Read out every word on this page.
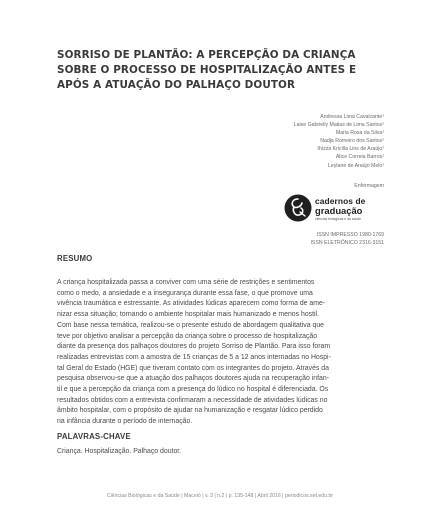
SORRISO DE PLANTÃO: A PERCEPÇÃO DA CRIANÇA
SOBRE O PROCESSO DE HOSPITALIZAÇÃO ANTES E
APÓS A ATUAÇÃO DO PALHAÇO DOUTOR
Andressa Lima Cavalcante¹
Laise Gabrielly Matias de Lima Santos¹
Maria Rosa da Silva¹
Nadja Romeiro dos Santos¹
Ihízza Kricilla Lins de Araújo¹
Alice Correia Barros¹
Leylane de Araújo Melo¹
Enfermagem
cadernos de
graduação
ciências biológicas e da saúde
ISSN IMPRESSO 1980-1769
ISSN ELETRÔNICO 2316-3151
RESUMO

A criança hospitalizada passa a conviver com uma série de restrições e sentimentos
como o medo, a ansiedade e a insegurança durante essa fase, o que promove uma
vivência traumática e estressante. As atividades lúdicas aparecem como forma de ame-
nizar essa situação; tornando o ambiente hospitalar mais humanizado e menos hostil.
Com base nessa temática, realizou-se o presente estudo de abordagem qualitativa que
teve por objetivo analisar a percepção da criança sobre o processo de hospitalização
diante da presença dos palhaços doutores do projeto Sorriso de Plantão. Para isso foram
realizadas entrevistas com a amostra de 15 crianças de 5 a 12 anos internadas no Hospi-
tal Geral do Estado (HGE) que tiveram contato com os integrantes do projeto. Através da
pesquisa observou-se que a atuação dos palhaços doutores ajuda na recuperação infan-
til e que a percepção da criança com a presença do lúdico no hospital é diferenciada. Os
resultados obtidos com a entrevista confirmaram a necessidade de atividades lúdicas no
âmbito hospitalar, com o propósito de ajudar na humanização e resgatar lúdico perdido
na infância durante o período de internação.

PALAVRAS-CHAVE

Criança. Hospitalização. Palhaço doutor.

Ciências Biológicas e da Saúde | Maceió | v. 3 | n.2 | p. 135-148 | Abril 2016 | periodicos.set.edu.br
